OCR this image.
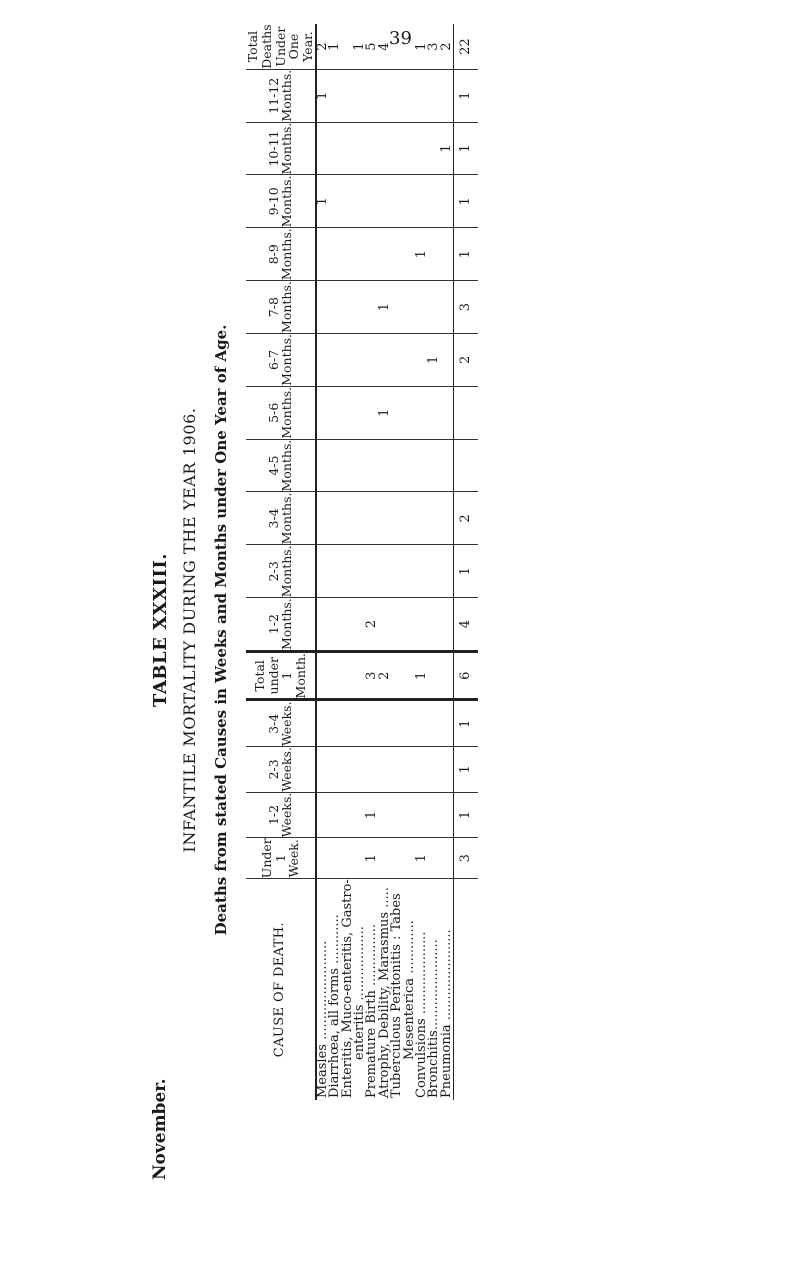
39
November.
TABLE XXXIII. INFANTILE MORTALITY DURING THE YEAR 1906. Deaths from stated Causes in Weeks and Months under One Year of Age.
CAUSE OF DEATH.	Under 1 Week.	1-2 Weeks.	2-3 Weeks.	3-4 Weeks.	Total under 1 Month.	1-2 Months.	2-3 Months.	3-4 Months.	4-5 Months.	5-6 Months.	6-7 Months.	7-8 Months.	8-9 Months.	9-10 Months.	10-11 Months.	11-12 Months.	Total Deaths Under One Year.
Measles ........................														1		1	2
Diarrhœa, all forms ............																	1
Enteritis, Muco-enteritis, Gastro-																	
enteritis ..................																	1
Premature Birth ...............	1	1			3	2											5
Atrophy, Debility, Marasmus .....					2					1		1					4
Tuberculous Peritonitis : Tabes																	
Mesenterica .............																	
Convulsions ....................	1				1								1				1
Bronchitis......................											1						3
Pneumonia ......................															1		2
	3	1	1	1	6	4	1	2			2	3	1	1	1	1	22
